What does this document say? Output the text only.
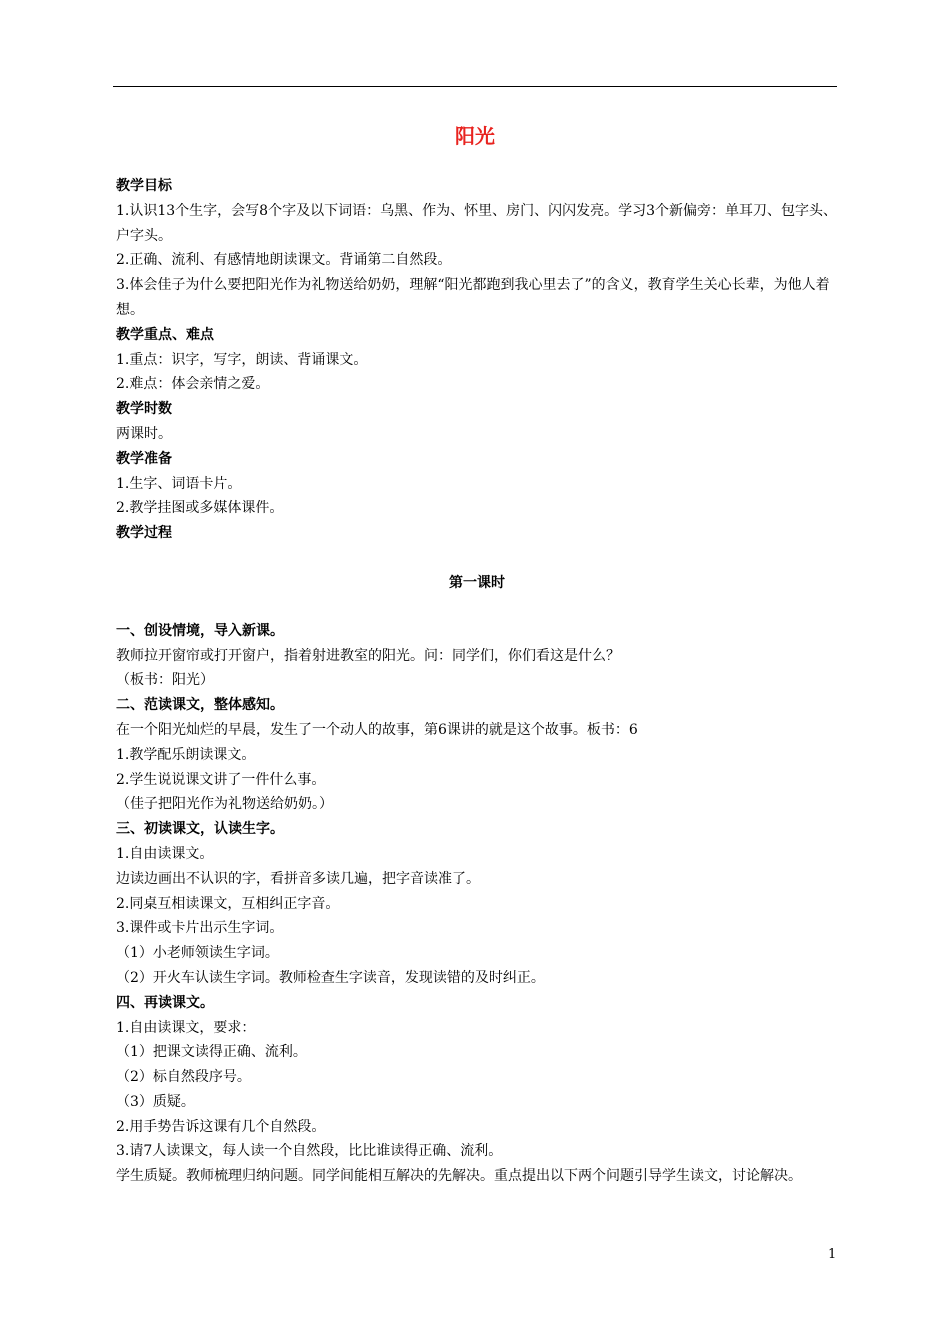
阳光

教学目标

1.认识13个生字，会写8个字及以下词语：乌黑、作为、怀里、房门、闪闪发亮。学习3个新偏旁：单耳刀、包字头、户字头。

2.正确、流利、有感情地朗读课文。背诵第二自然段。

3.体会佳子为什么要把阳光作为礼物送给奶奶，理解“阳光都跑到我心里去了”的含义，教育学生关心长辈，为他人着想。

教学重点、难点

1.重点：识字，写字，朗读、背诵课文。

2.难点：体会亲情之爱。

教学时数

两课时。

教学准备

1.生字、词语卡片。

2.教学挂图或多媒体课件。

教学过程

第一课时

一、创设情境，导入新课。

教师拉开窗帘或打开窗户，指着射进教室的阳光。问：同学们，你们看这是什么？

（板书：阳光）

二、范读课文，整体感知。

在一个阳光灿烂的早晨，发生了一个动人的故事，第6课讲的就是这个故事。板书：6

1.教学配乐朗读课文。

2.学生说说课文讲了一件什么事。

（佳子把阳光作为礼物送给奶奶。）

三、初读课文，认读生字。

1.自由读课文。

边读边画出不认识的字，看拼音多读几遍，把字音读准了。

2.同桌互相读课文，互相纠正字音。

3.课件或卡片出示生字词。

（1）小老师领读生字词。

（2）开火车认读生字词。教师检查生字读音，发现读错的及时纠正。

四、再读课文。

1.自由读课文，要求：

（1）把课文读得正确、流利。

（2）标自然段序号。

（3）质疑。

2.用手势告诉这课有几个自然段。

3.请7人读课文，每人读一个自然段，比比谁读得正确、流利。

学生质疑。教师梳理归纳问题。同学间能相互解决的先解决。重点提出以下两个问题引导学生读文，讨论解决。

1
